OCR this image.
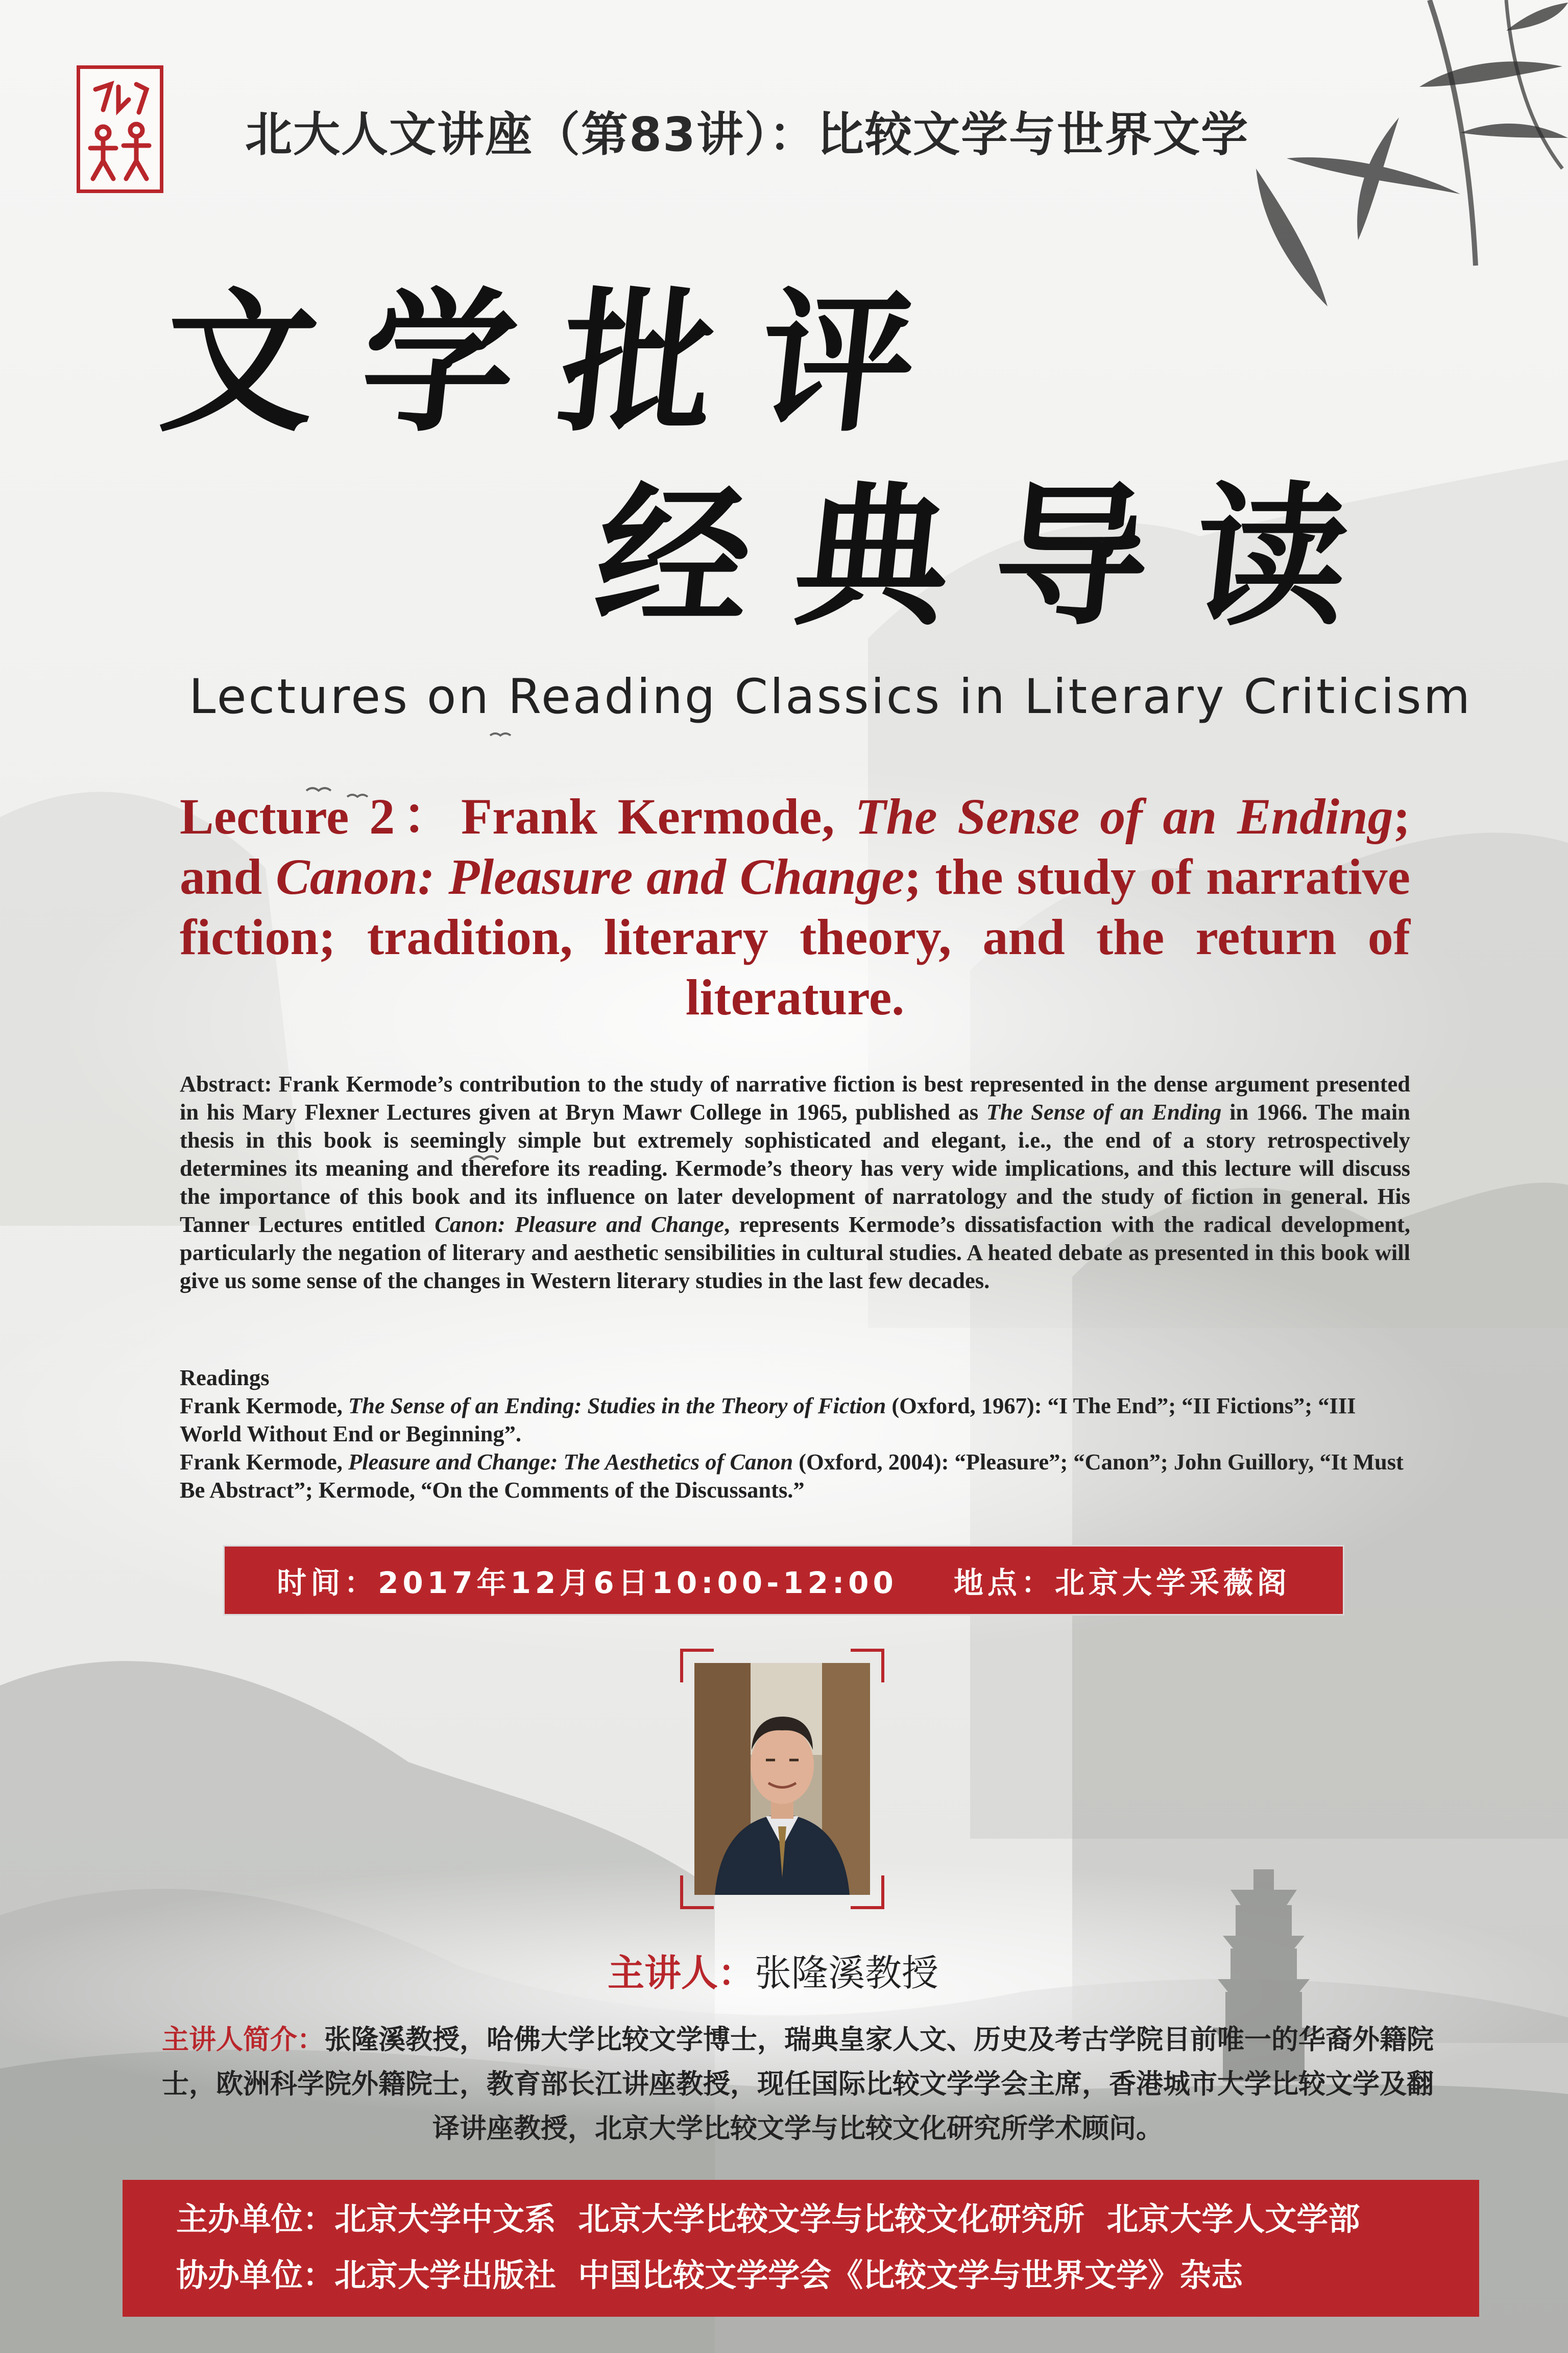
北大人文讲座（第83讲）：比较文学与世界文学
文学批评
经典导读
Lectures on Reading Classics in Literary Criticism
Lecture 2：Frank Kermode, The Sense of an Ending; and Canon: Pleasure and Change; the study of narrative fiction; tradition, literary theory, and the return of literature.
Abstract: Frank Kermode’s contribution to the study of narrative fiction is best represented in the dense argument presented in his Mary Flexner Lectures given at Bryn Mawr College in 1965, published as The Sense of an Ending in 1966. The main thesis in this book is seemingly simple but extremely sophisticated and elegant, i.e., the end of a story retrospectively determines its meaning and therefore its reading. Kermode’s theory has very wide implications, and this lecture will discuss the importance of this book and its influence on later development of narratology and the study of fiction in general. His Tanner Lectures entitled Canon: Pleasure and Change, represents Kermode’s dissatisfaction with the radical development, particularly the negation of literary and aesthetic sensibilities in cultural studies. A heated debate as presented in this book will give us some sense of the changes in Western literary studies in the last few decades.
Readings
Frank Kermode, The Sense of an Ending: Studies in the Theory of Fiction (Oxford, 1967): “I The End”; “II Fictions”; “III World Without End or Beginning”.
Frank Kermode, Pleasure and Change: The Aesthetics of Canon (Oxford, 2004): “Pleasure”; “Canon”; John Guillory, “It Must Be Abstract”; Kermode, “On the Comments of the Discussants.”
时间： 2017年12月6日10:00-12:00 地点： 北京大学采薇阁
主讲人：张隆溪教授
主讲人简介：张隆溪教授，哈佛大学比较文学博士，瑞典皇家人文、历史及考古学院目前唯一的华裔外籍院士，欧洲科学院外籍院士，教育部长江讲座教授，现任国际比较文学学会主席，香港城市大学比较文学及翻译讲座教授，北京大学比较文学与比较文化研究所学术顾问。
主办单位：北京大学中文系  北京大学比较文学与比较文化研究所  北京大学人文学部
协办单位：北京大学出版社  中国比较文学学会《比较文学与世界文学》杂志
